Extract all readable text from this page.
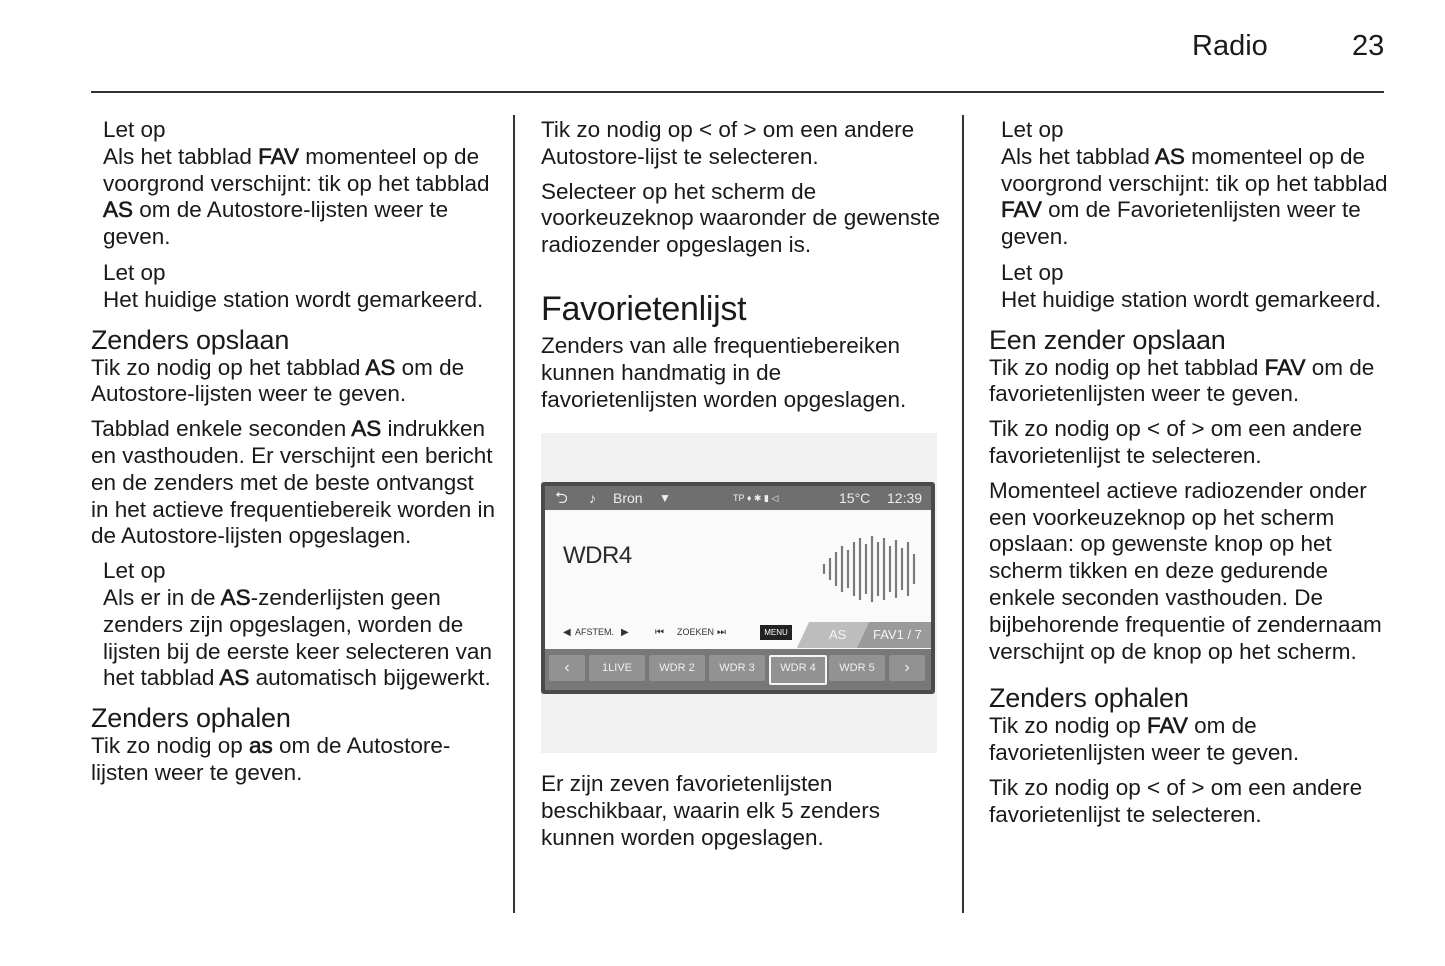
Radio	23
Let op
Als het tabblad FAV momenteel op de voorgrond verschijnt: tik op het tabblad AS om de Autostore-lijsten weer te geven.
Let op
Het huidige station wordt gemarkeerd.
Zenders opslaan

Tik zo nodig op het tabblad AS om de Autostore-lijsten weer te geven.

Tabblad enkele seconden AS indrukken en vasthouden. Er verschijnt een bericht en de zenders met de beste ontvangst in het actieve frequentiebereik worden in de Autostore-lijsten opgeslagen.

Let op
Als er in de AS-zenderlijsten geen zenders zijn opgeslagen, worden de lijsten bij de eerste keer selecteren van het tabblad AS automatisch bijgewerkt.
Zenders ophalen

Tik zo nodig op as om de Autostore-lijsten weer te geven.

Tik zo nodig op < of > om een andere Autostore-lijst te selecteren.

Selecteer op het scherm de voorkeuzeknop waaronder de gewenste radiozender opgeslagen is.

Favorietenlijst

Zenders van alle frequentiebereiken kunnen handmatig in de favorietenlijsten worden opgeslagen.

Er zijn zeven favorietenlijsten beschikbaar, waarin elk 5 zenders kunnen worden opgeslagen.

⮌ ♪ Bron ▼	TP ♦ ✱ ▮ ◁	15°C 12:39
WDR4
◀ AFSTEM. ▶	⏮ ZOEKEN ⏭	MENU	AS FAV1 / 7
‹	1LIVE	WDR 2	WDR 3	WDR 4	WDR 5	›
Let op
Als het tabblad AS momenteel op de voorgrond verschijnt: tik op het tabblad FAV om de Favorietenlijsten weer te geven.
Let op
Het huidige station wordt gemarkeerd.
Een zender opslaan

Tik zo nodig op het tabblad FAV om de favorietenlijsten weer te geven.

Tik zo nodig op < of > om een andere favorietenlijst te selecteren.

Momenteel actieve radiozender onder een voorkeuzeknop op het scherm opslaan: op gewenste knop op het scherm tikken en deze gedurende enkele seconden vasthouden. De bijbehorende frequentie of zendernaam verschijnt op de knop op het scherm.

Zenders ophalen

Tik zo nodig op FAV om de favorietenlijsten weer te geven.

Tik zo nodig op < of > om een andere favorietenlijst te selecteren.
